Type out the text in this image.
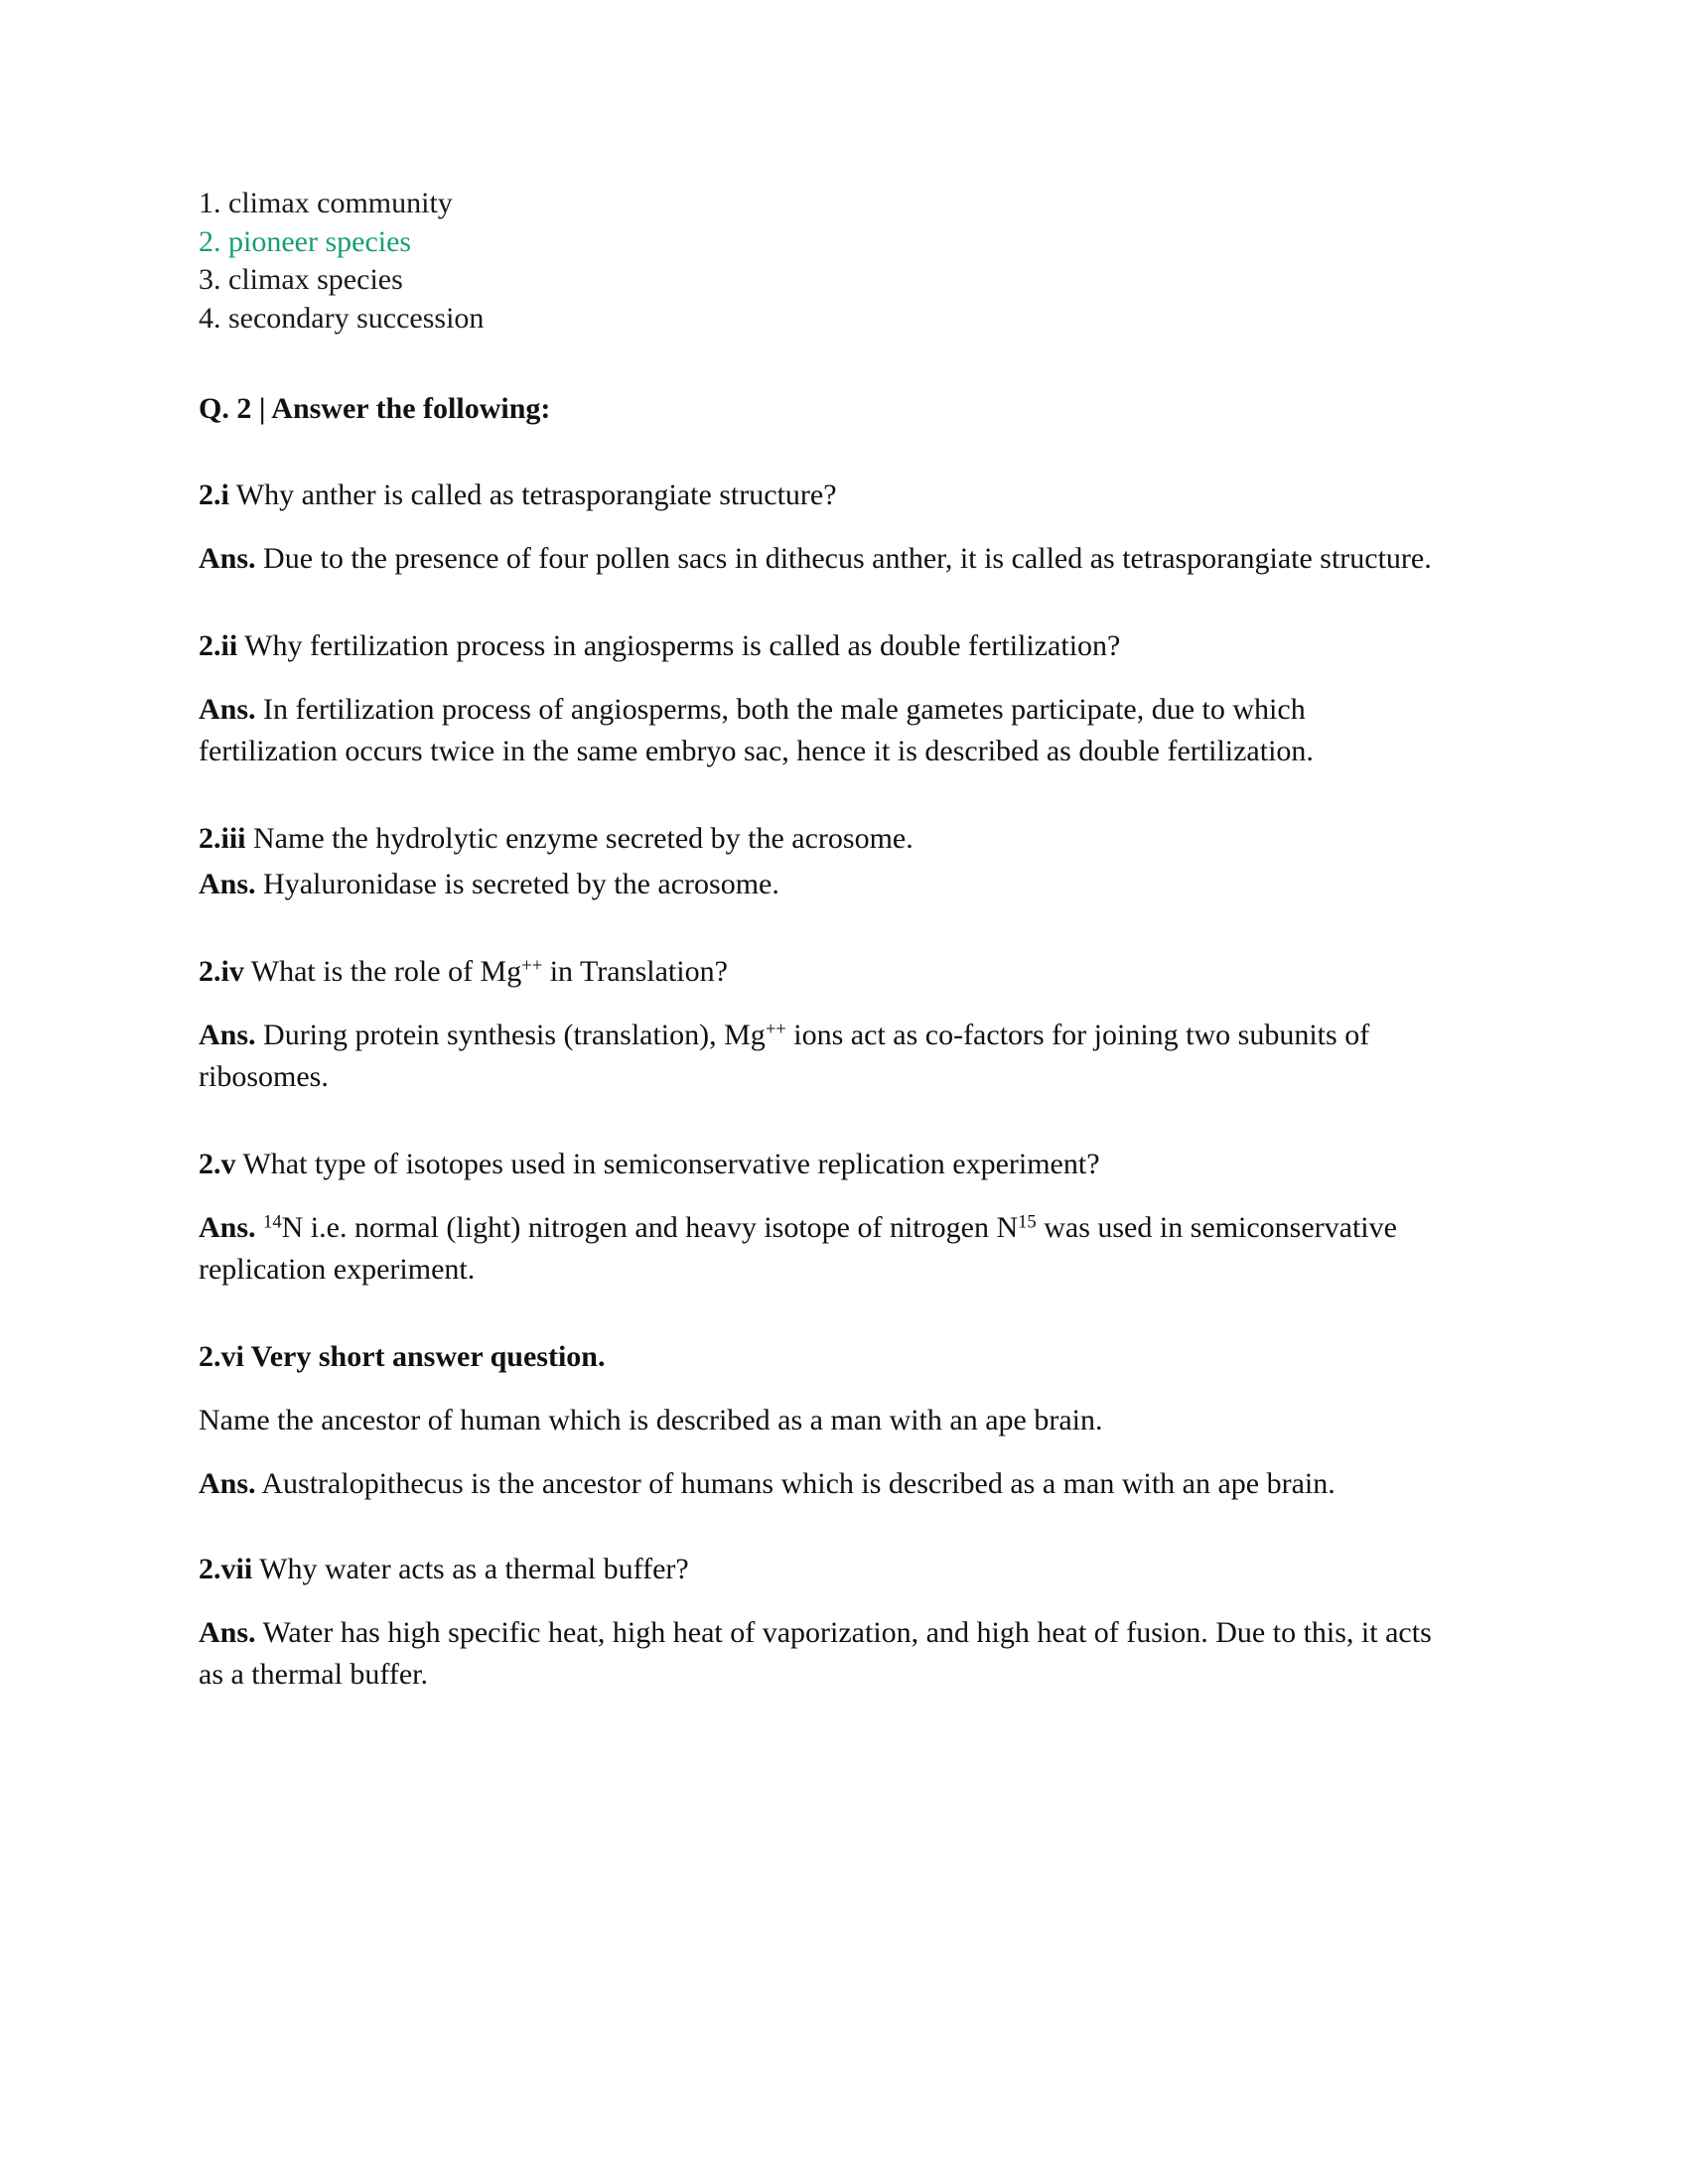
1. climax community
2. pioneer species
3. climax species
4. secondary succession
Q. 2 | Answer the following:
2.i Why anther is called as tetrasporangiate structure?
Ans. Due to the presence of four pollen sacs in dithecus anther, it is called as tetrasporangiate structure.
2.ii Why fertilization process in angiosperms is called as double fertilization?
Ans. In fertilization process of angiosperms, both the male gametes participate, due to which fertilization occurs twice in the same embryo sac, hence it is described as double fertilization.
2.iii Name the hydrolytic enzyme secreted by the acrosome.
Ans. Hyaluronidase is secreted by the acrosome.
2.iv What is the role of Mg++ in Translation?
Ans. During protein synthesis (translation), Mg++ ions act as co-factors for joining two subunits of ribosomes.
2.v What type of isotopes used in semiconservative replication experiment?
Ans. $^{14}$N i.e. normal (light) nitrogen and heavy isotope of nitrogen $N^{15}$ was used in semiconservative replication experiment.
2.vi Very short answer question.
Name the ancestor of human which is described as a man with an ape brain.
Ans. Australopithecus is the ancestor of humans which is described as a man with an ape brain.
2.vii Why water acts as a thermal buffer?
Ans. Water has high specific heat, high heat of vaporization, and high heat of fusion. Due to this, it acts as a thermal buffer.
